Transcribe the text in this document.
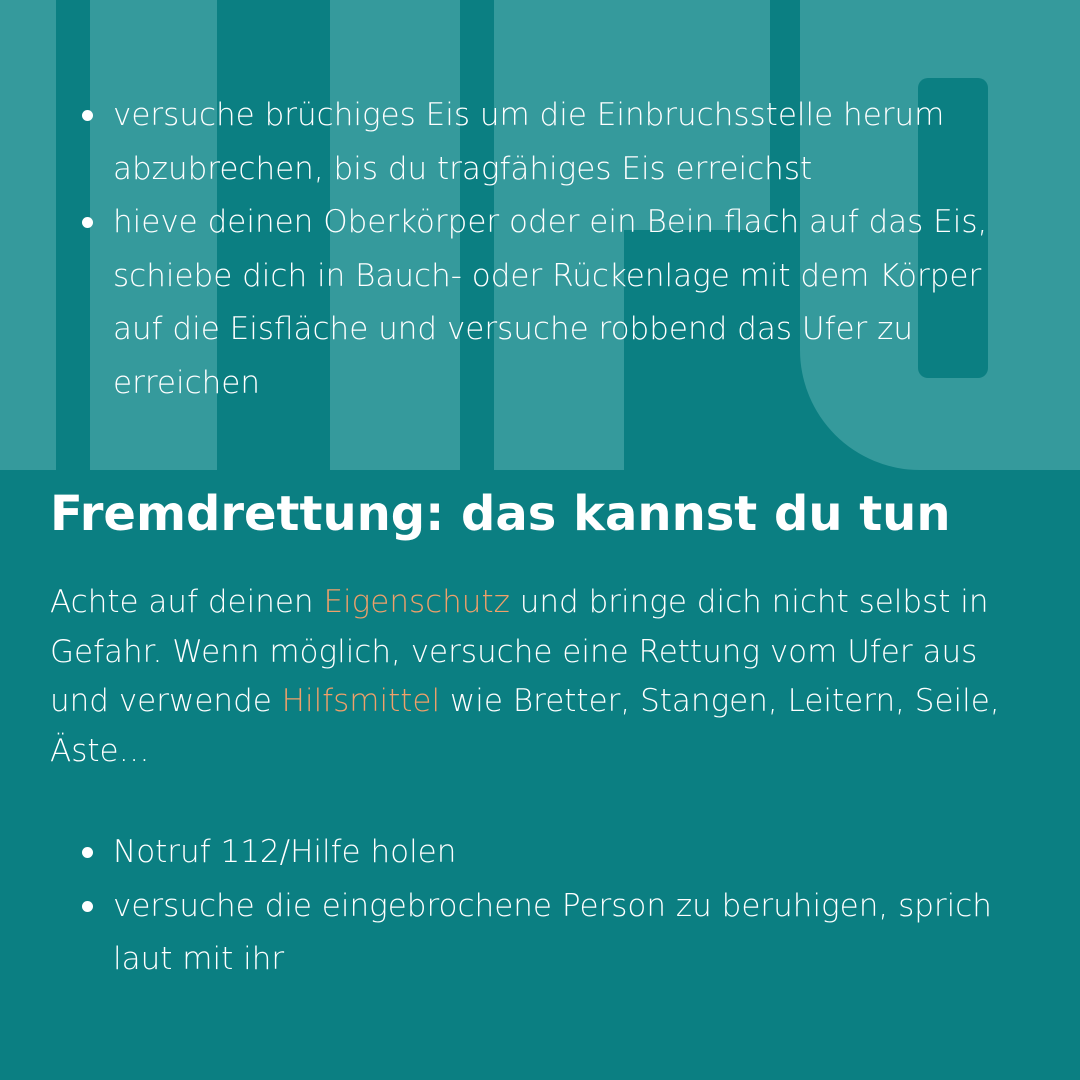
versuche brüchiges Eis um die Einbruchsstelle herum abzubrechen, bis du tragfähiges Eis erreichst
hieve deinen Oberkörper oder ein Bein flach auf das Eis, schiebe dich in Bauch- oder Rückenlage mit dem Körper auf die Eisfläche und versuche robbend das Ufer zu erreichen
Fremdrettung: das kannst du tun

Achte auf deinen Eigenschutz und bringe dich nicht selbst in Gefahr. Wenn möglich, versuche eine Rettung vom Ufer aus und verwende Hilfsmittel wie Bretter, Stangen, Leitern, Seile, Äste…

Notruf 112/Hilfe holen
versuche die eingebrochene Person zu beruhigen, sprich laut mit ihr
